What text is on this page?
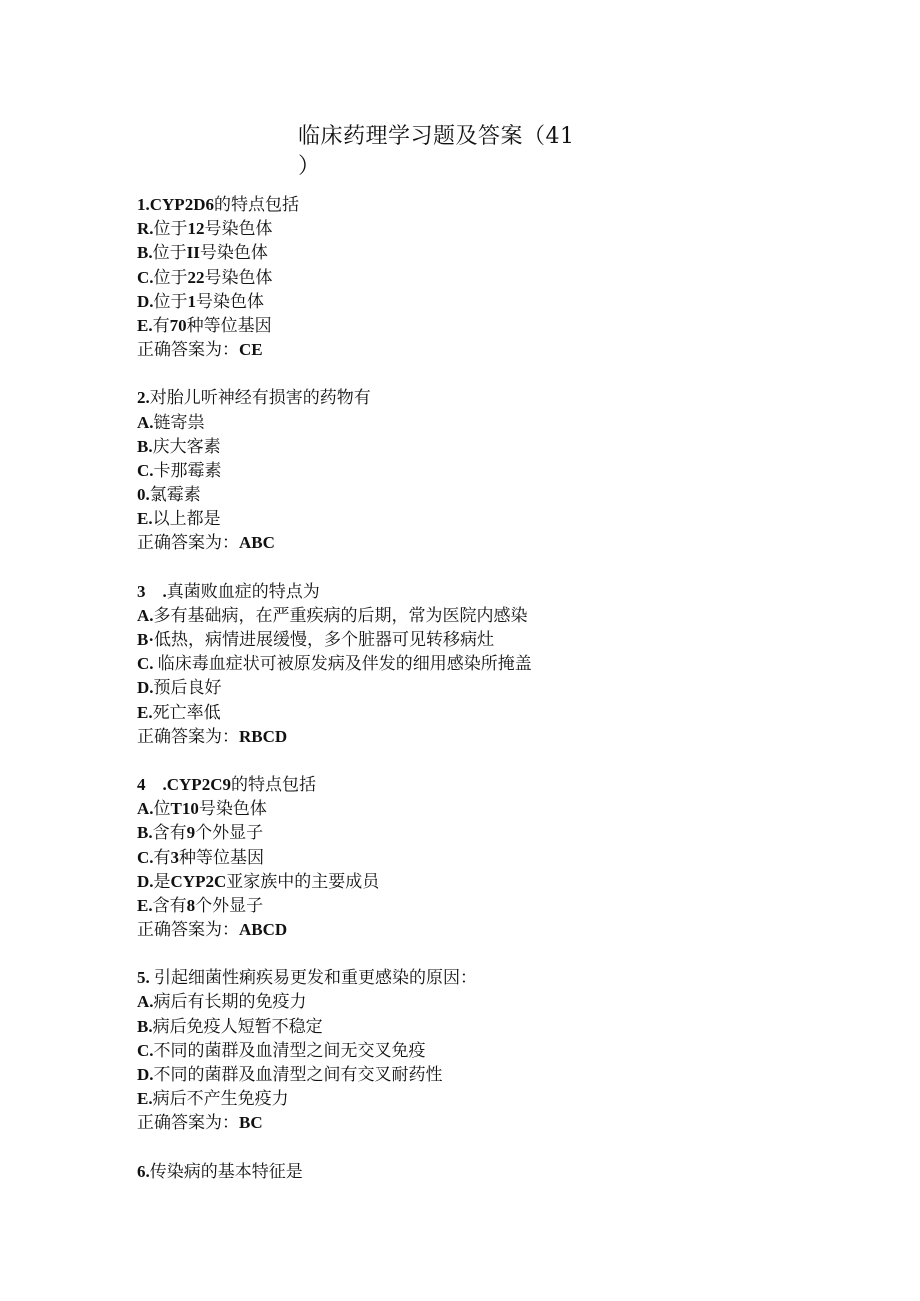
临床药理学习题及答案（41
）
1.CYP2D6的特点包括
R.位于12号染色体
B.位于II号染色体
C.位于22号染色体
D.位于1号染色体
E.有70种等位基因
正确答案为：CE
2.对胎儿听神经有损害的药物有
A.链寄祟
B.庆大客素
C.卡那霉素
0.氯霉素
E.以上都是
正确答案为：ABC
3　.真菌败血症的特点为
A.多有基础病，在严重疾病的后期，常为医院内感染
B·低热，病情进展缓慢，多个脏器可见转移病灶
C. 临床毒血症状可被原发病及伴发的细用感染所掩盖
D.预后良好
E.死亡率低
正确答案为：RBCD
4　.CYP2C9的特点包括
A.位T10号染色体
B.含有9个外显子
C.有3种等位基因
D.是CYP2C亚家族中的主要成员
E.含有8个外显子
正确答案为：ABCD
5. 引起细菌性痢疾易更发和重更感染的原因：
A.病后有长期的免疫力
B.病后免疫人短暂不稳定
C.不同的菌群及血清型之间无交叉免疫
D.不同的菌群及血清型之间有交叉耐药性
E.病后不产生免疫力
正确答案为：BC
6.传染病的基本特征是
